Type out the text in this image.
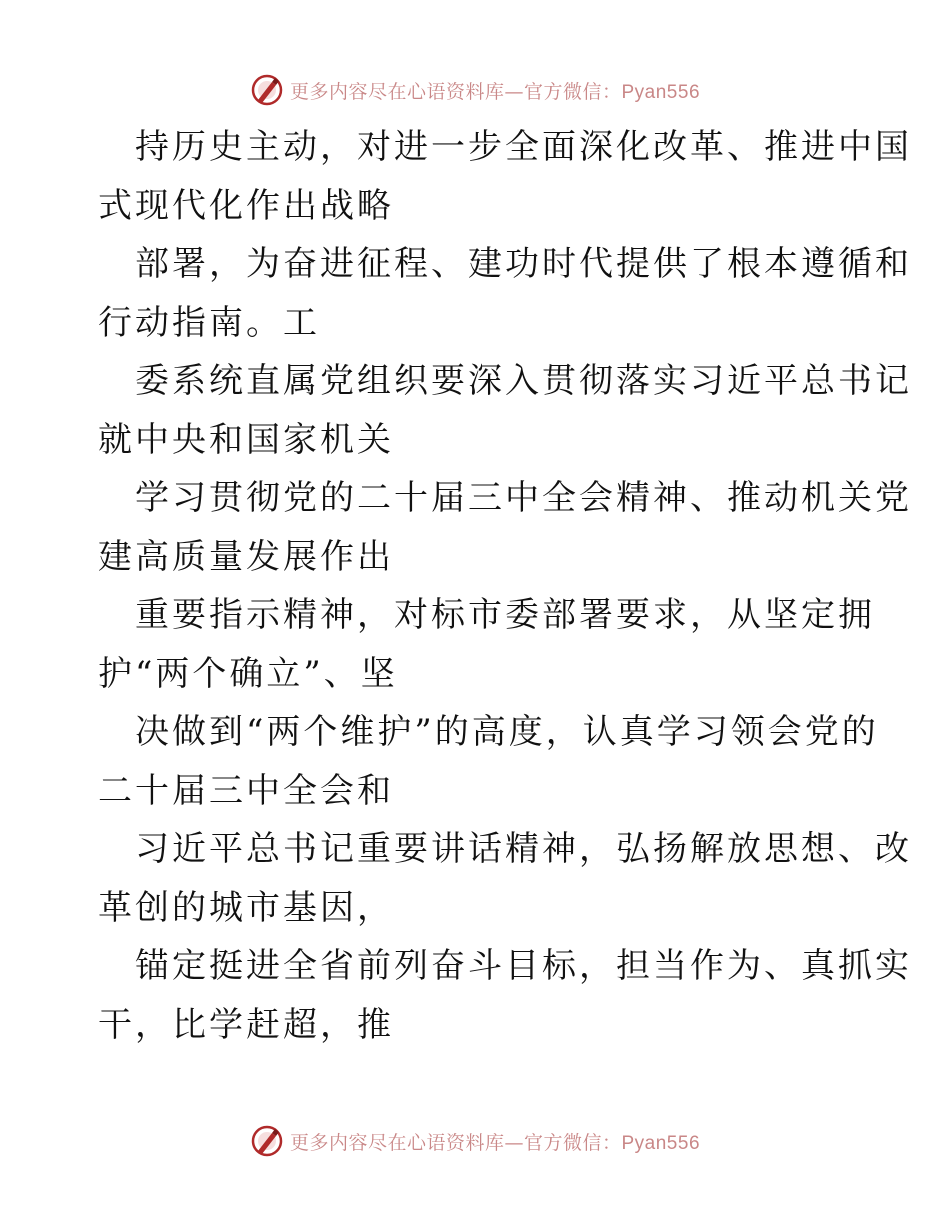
更多内容尽在心语资料库—官方微信：Pyan556
持历史主动，对进一步全面深化改革、推进中国
式现代化作出战略
部署，为奋进征程、建功时代提供了根本遵循和
行动指南。工
委系统直属党组织要深入贯彻落实习近平总书记
就中央和国家机关
学习贯彻党的二十届三中全会精神、推动机关党
建高质量发展作出
重要指示精神，对标市委部署要求，从坚定拥
护“两个确立”、坚
决做到“两个维护”的高度，认真学习领会党的
二十届三中全会和
习近平总书记重要讲话精神，弘扬解放思想、改
革创的城市基因，
锚定挺进全省前列奋斗目标，担当作为、真抓实
干，比学赶超，推
更多内容尽在心语资料库—官方微信：Pyan556
